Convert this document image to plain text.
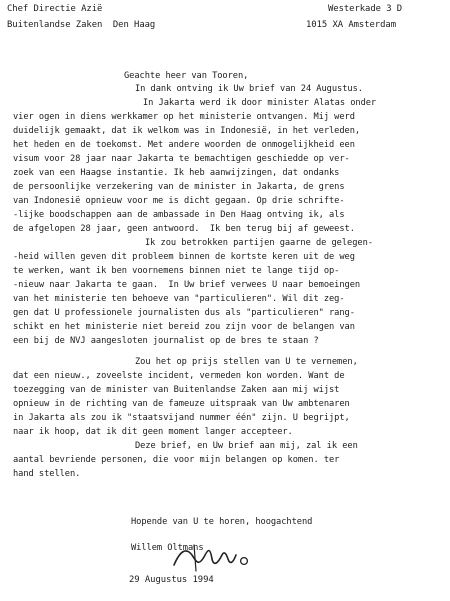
Chef Directie Azië
Buitenlandse Zaken  Den Haag
Westerkade 3 D
1015 XA Amsterdam
Geachte heer van Tooren,
In dank ontving ik Uw brief van 24 Augustus.
In Jakarta werd ik door minister Alatas onder
vier ogen in diens werkkamer op het ministerie ontvangen. Mij werd
duidelijk gemaakt, dat ik welkom was in Indonesië, in het verleden,
het heden en de toekomst. Met andere woorden de onmogelijkheid een
visum voor 28 jaar naar Jakarta te bemachtigen geschiedde op ver-
zoek van een Haagse instantie. Ik heb aanwijzingen, dat ondanks
de persoonlijke verzekering van de minister in Jakarta, de grens
van Indonesië opnieuw voor me is dicht gegaan. Op drie schrifte-
-lijke boodschappen aan de ambassade in Den Haag ontving ik, als
de afgelopen 28 jaar, geen antwoord.  Ik ben terug bij af geweest.
Ik zou betrokken partijen gaarne de gelegen-
-heid willen geven dit probleem binnen de kortste keren uit de weg
te werken, want ik ben voornemens binnen niet te lange tijd op-
-nieuw naar Jakarta te gaan.  In Uw brief verwees U naar bemoeingen
van het ministerie ten behoeve van "particulieren". Wil dit zeg-
gen dat U professionele journalisten dus als "particulieren" rang-
schikt en het ministerie niet bereid zou zijn voor de belangen van
een bij de NVJ aangesloten journalist op de bres te staan ?
Zou het op prijs stellen van U te vernemen,
dat een nieuw., zoveelste incident, vermeden kon worden. Want de
toezegging van de minister van Buitenlandse Zaken aan mij wijst
opnieuw in de richting van de fameuze uitspraak van Uw ambtenaren
in Jakarta als zou ik "staatsvijand nummer één" zijn. U begrijpt,
naar ik hoop, dat ik dit geen moment langer accepteer.
Deze brief, en Uw brief aan mij, zal ik een
aantal bevriende personen, die voor mijn belangen op komen. ter
hand stellen.
Hopende van U te horen, hoogachtend
Willem Oltmans
29 Augustus 1994
